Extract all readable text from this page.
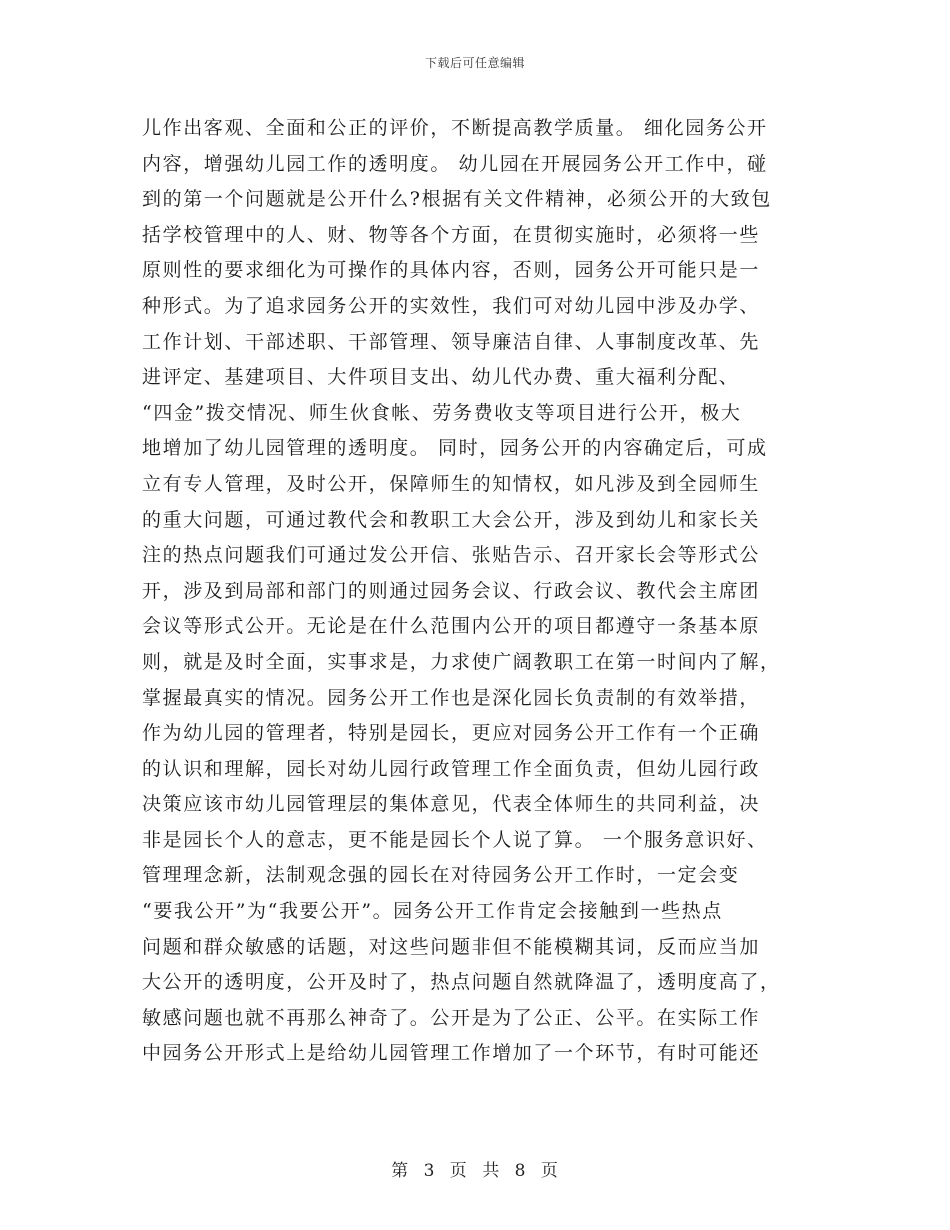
下载后可任意编辑
儿作出客观、全面和公正的评价，不断提高教学质量。 细化园务公开
内容，增强幼儿园工作的透明度。 幼儿园在开展园务公开工作中，碰
到的第一个问题就是公开什么?根据有关文件精神，必须公开的大致包
括学校管理中的人、财、物等各个方面，在贯彻实施时，必须将一些
原则性的要求细化为可操作的具体内容，否则，园务公开可能只是一
种形式。为了追求园务公开的实效性，我们可对幼儿园中涉及办学、
工作计划、干部述职、干部管理、领导廉洁自律、人事制度改革、先
进评定、基建项目、大件项目支出、幼儿代办费、重大福利分配、
“四金”拨交情况、师生伙食帐、劳务费收支等项目进行公开，极大
地增加了幼儿园管理的透明度。 同时，园务公开的内容确定后，可成
立有专人管理，及时公开，保障师生的知情权，如凡涉及到全园师生
的重大问题，可通过教代会和教职工大会公开，涉及到幼儿和家长关
注的热点问题我们可通过发公开信、张贴告示、召开家长会等形式公
开，涉及到局部和部门的则通过园务会议、行政会议、教代会主席团
会议等形式公开。无论是在什么范围内公开的项目都遵守一条基本原
则，就是及时全面，实事求是，力求使广阔教职工在第一时间内了解，
掌握最真实的情况。园务公开工作也是深化园长负责制的有效举措，
作为幼儿园的管理者，特别是园长，更应对园务公开工作有一个正确
的认识和理解，园长对幼儿园行政管理工作全面负责，但幼儿园行政
决策应该市幼儿园管理层的集体意见，代表全体师生的共同利益，决
非是园长个人的意志，更不能是园长个人说了算。 一个服务意识好、
管理理念新，法制观念强的园长在对待园务公开工作时，一定会变
“要我公开”为“我要公开”。园务公开工作肯定会接触到一些热点
问题和群众敏感的话题，对这些问题非但不能模糊其词，反而应当加
大公开的透明度，公开及时了，热点问题自然就降温了，透明度高了，
敏感问题也就不再那么神奇了。公开是为了公正、公平。在实际工作
中园务公开形式上是给幼儿园管理工作增加了一个环节，有时可能还
第 3 页 共 8 页
